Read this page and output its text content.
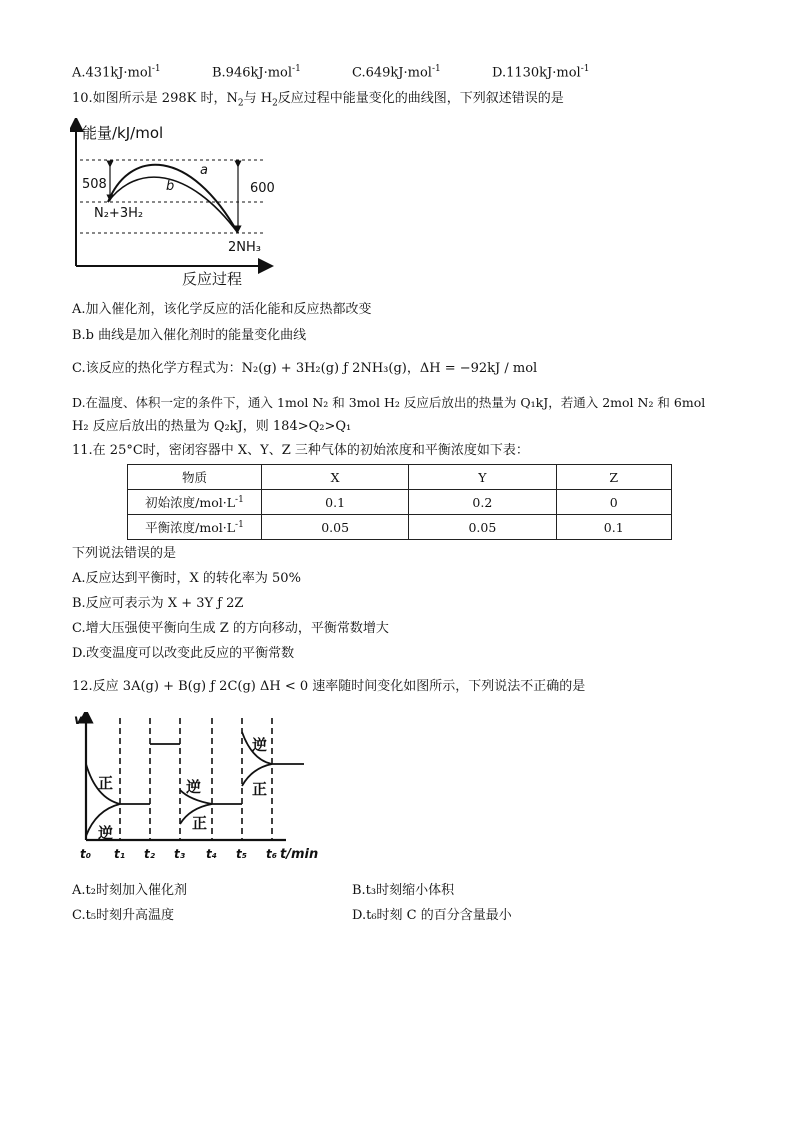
A.431kJ·mol$^{-1}$	B.946kJ·mol$^{-1}$	C.649kJ·mol$^{-1}$	D.1130kJ·mol$^{-1}$
10.如图所示是 298K 时，$N_2$与 $H_2$反应过程中能量变化的曲线图，下列叙述错误的是
能量/kJ/mol
508	600
a
b
N₂+3H₂
2NH₃
反应过程
A.加入催化剂，该化学反应的活化能和反应热都改变
B.b 曲线是加入催化剂时的能量变化曲线
C.该反应的热化学方程式为：N₂(g) + 3H₂(g) ƒ 2NH₃(g)，ΔH = −92kJ / mol
D.在温度、体积一定的条件下，通入 1mol N₂ 和 3mol H₂ 反应后放出的热量为 Q₁kJ，若通入 2mol N₂ 和 6mol
H₂ 反应后放出的热量为 Q₂kJ，则 184>Q₂>Q₁
11.在 25°C时，密闭容器中 X、Y、Z 三种气体的初始浓度和平衡浓度如下表：
物质	X	Y	Z
初始浓度$/mol\cdot L^{-1}$	0.1	0.2	0
平衡浓度$/mol\cdot L^{-1}$	0.05	0.05	0.1
下列说法错误的是
A.反应达到平衡时，X 的转化率为 50%
B.反应可表示为 X + 3Y ƒ 2Z
C.增大压强使平衡向生成 Z 的方向移动，平衡常数增大
D.改变温度可以改变此反应的平衡常数
12.反应 3A(g) + B(g) ƒ 2C(g) ΔH < 0 速率随时间变化如图所示，下列说法不正确的是
v
正
逆
逆
正
逆
正
t₀ t₁ t₂ t₃ t₄ t₅ t₆ t/min
A.t₂时刻加入催化剂	B.t₃时刻缩小体积
C.t₅时刻升高温度	D.t₆时刻 C 的百分含量最小
